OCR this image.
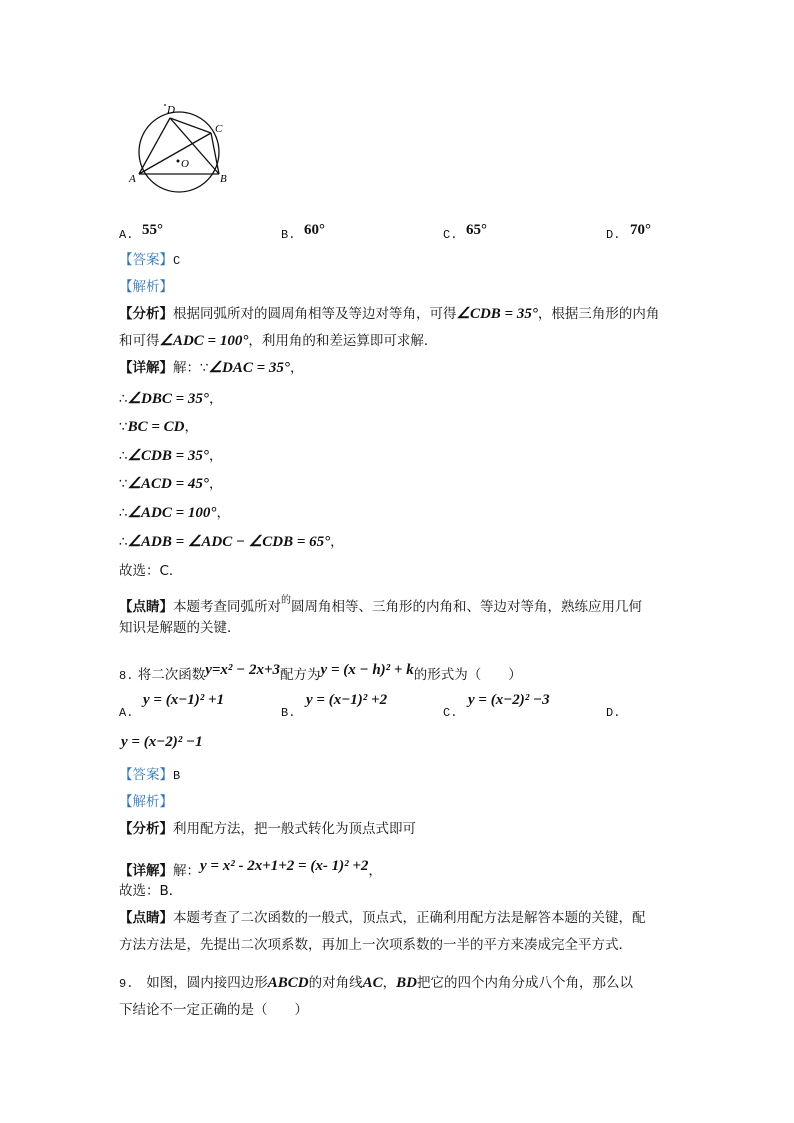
D
C
O
A	B
A. 55°	B. 60°	C. 65°	D. 70°
【答案】C
【解析】
【分析】根据同弧所对的圆周角相等及等边对等角，可得∠CDB = 35°，根据三角形的内角
和可得∠ADC = 100°，利用角的和差运算即可求解．
【详解】解：∵∠DAC = 35°，
∴∠DBC = 35°，
∵BC = CD，
∴∠CDB = 35°，
∵∠ACD = 45°，
∴∠ADC = 100°，
∴∠ADB = ∠ADC − ∠CDB = 65°，
故选：C．
【点睛】本题考查同弧所对$^的$圆周角相等、三角形的内角和、等边对等角，熟练应用几何
知识是解题的关键．
8. 将二次函数y=x² − 2x+3配方为y = (x − h)² + k的形式为（　　）
A.
y = (x−1)² +1
B.
y = (x−1)² +2
C.
y = (x−2)² −3
D.
y = (x−2)² −1
【答案】B
【解析】
【分析】利用配方法，把一般式转化为顶点式即可
【详解】解：y = x² - 2x+1+2 = (x- 1)² +2，
故选：B．
【点睛】本题考查了二次函数的一般式，顶点式，正确利用配方法是解答本题的关键，配
方法方法是，先提出二次项系数，再加上一次项系数的一半的平方来凑成完全平方式．
9. 如图，圆内接四边形ABCD的对角线AC，BD把它的四个内角分成八个角，那么以
下结论不一定正确的是（　　）
